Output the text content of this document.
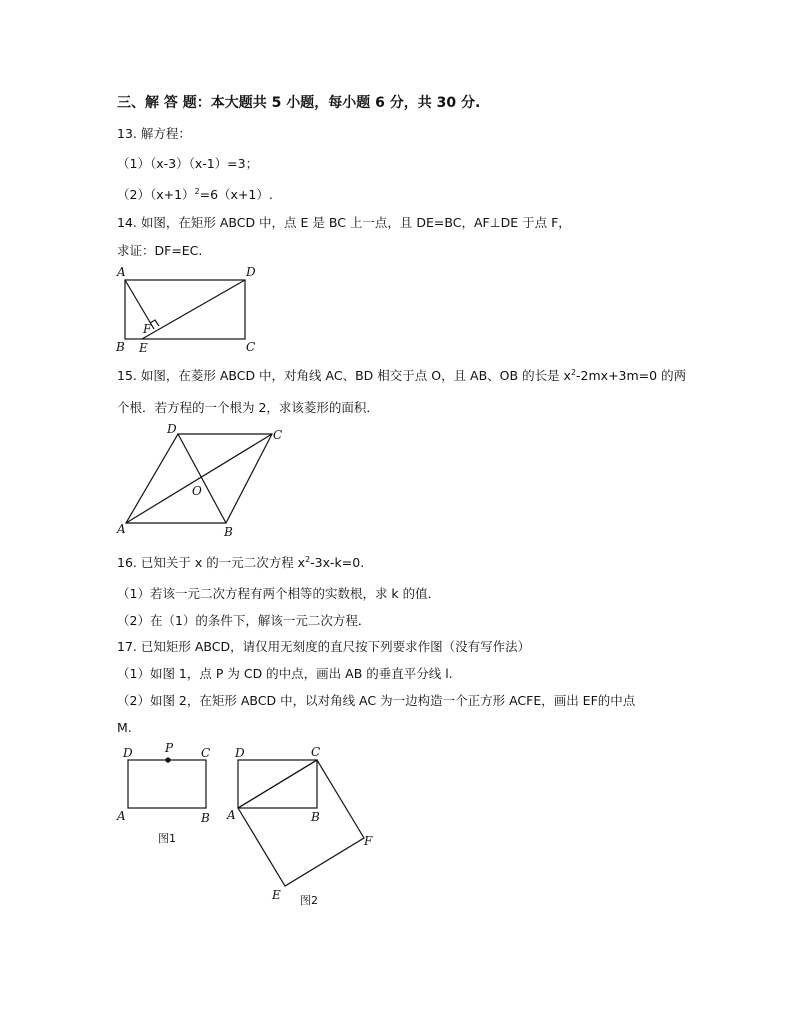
三、解 答 题：本大题共 5 小题，每小题 6 分，共 30 分.
13. 解方程：
（1）（x-3）（x-1）=3；
$(2)(x+1)^2=6(x+1)$.
14. 如图，在矩形 ABCD 中，点 E 是 BC 上一点，且 DE=BC，AF⊥DE 于点 F，
求证：DF=EC.
A	D
B E	C
F
15. 如图，在菱形 ABCD 中，对角线 AC、BD 相交于点 O，且 AB、OB 的长是 $x^2-2mx+3m=0$ 的两
个根．若方程的一个根为 2，求该菱形的面积．
D	C
O
A	B
16. 已知关于 x 的一元二次方程 $x^2-3x-k=0$.
（1）若该一元二次方程有两个相等的实数根，求 k 的值．
（2）在（1）的条件下，解该一元二次方程．
17. 已知矩形 ABCD，请仅用无刻度的直尺按下列要求作图（没有写作法）
（1）如图 1，点 P 为 CD 的中点，画出 AB 的垂直平分线 l.
（2）如图 2，在矩形 ABCD 中，以对角线 AC 为一边构造一个正方形 ACFE，画出 EF的中点
M.
D	P C
A	B
图1
D	C
A	B
F
E 图2
